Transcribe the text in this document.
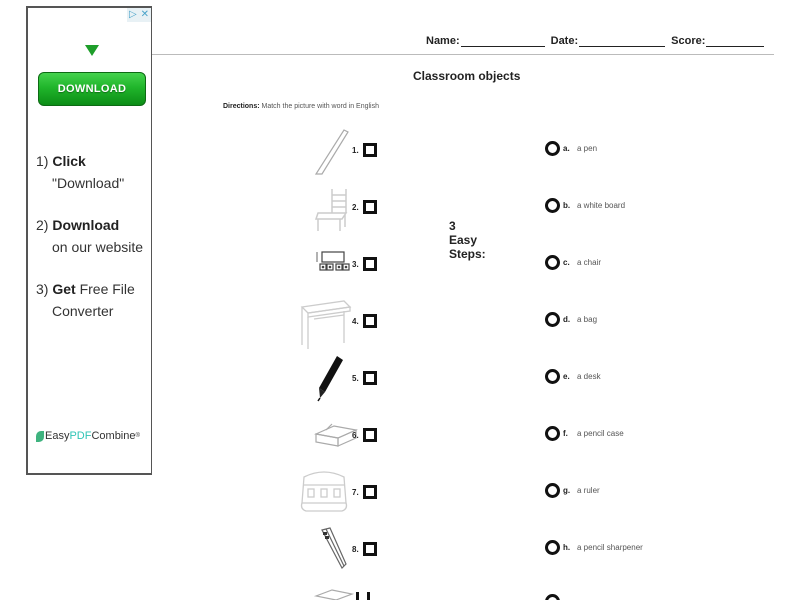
▷ ✕
DOWNLOAD
3 Easy Steps:
1) Click
"Download"
2) Download
on our website
3) Get Free File
Converter
Easy PDF Combine ®
Name:	Date:	Score:
Classroom objects
Directions: Match the picture with word in English
1.
2.
3.
4.
5.
6.
7.
8.
a. a pen
b. a white board
c. a chair
d. a bag
e. a desk
f.	a pencil case
g. a ruler
h. a pencil sharpener
